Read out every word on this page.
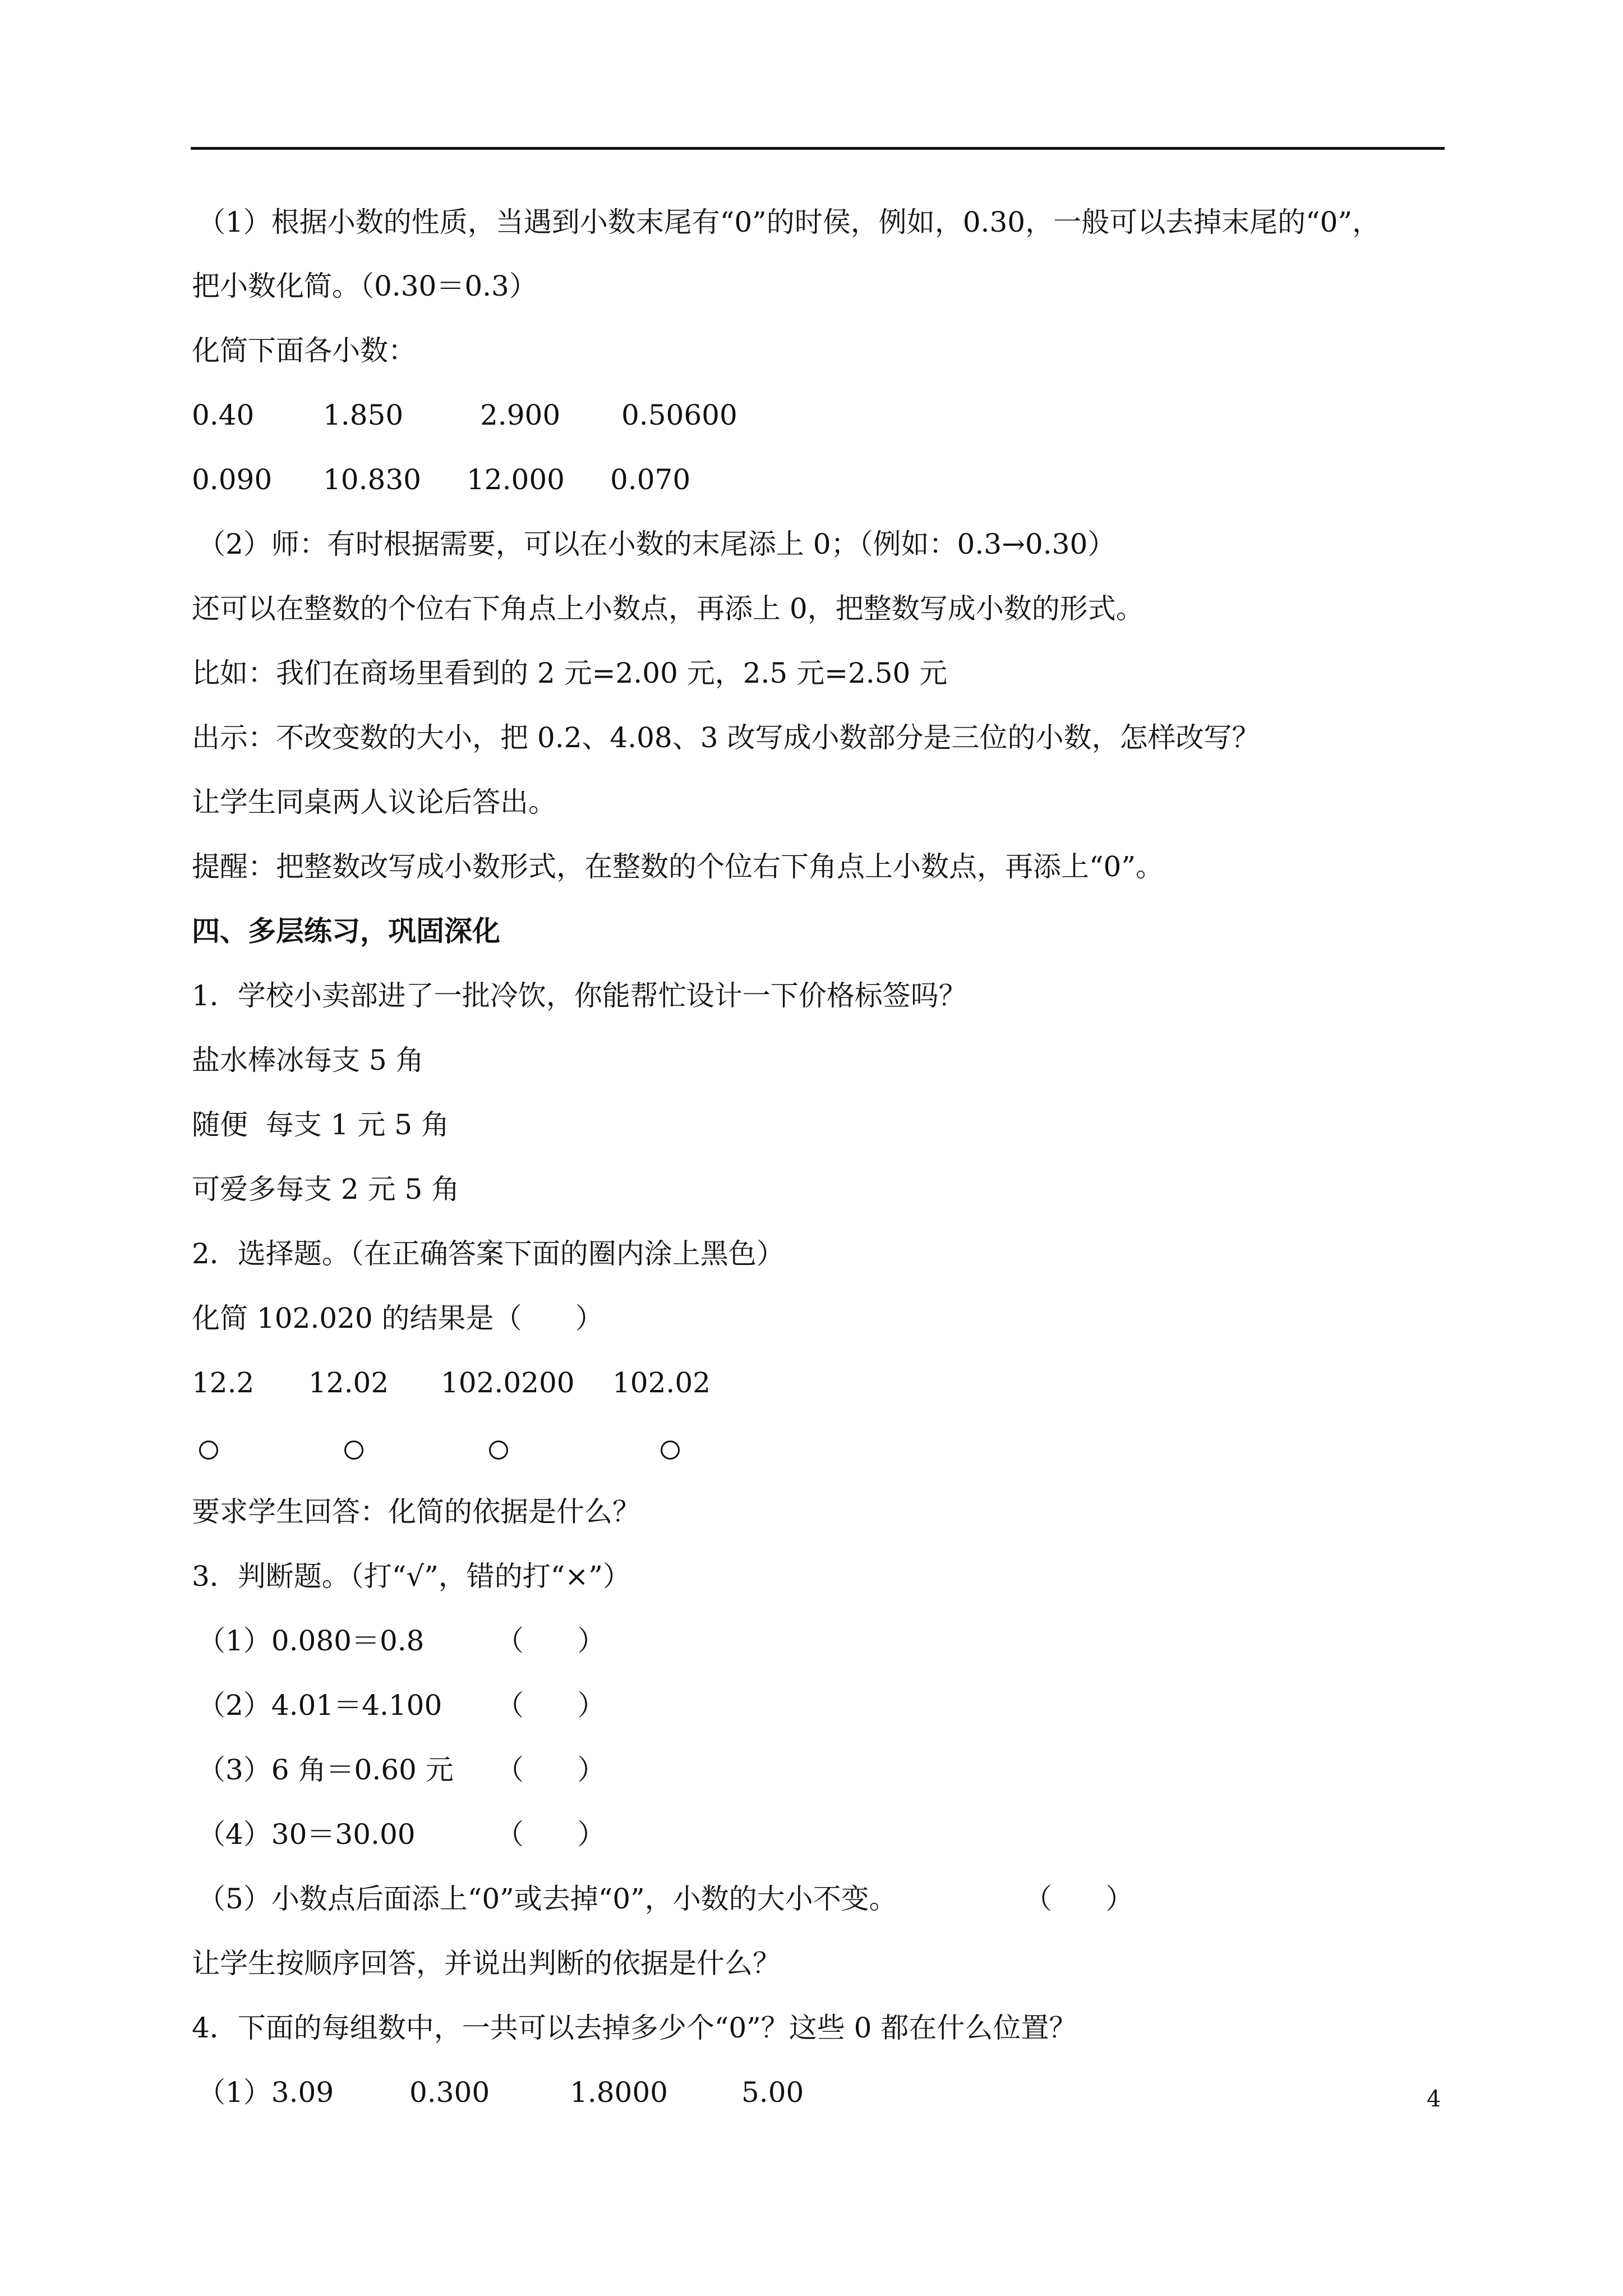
（1）根据小数的性质，当遇到小数末尾有“0”的时侯，例如，0.30，一般可以去掉末尾的“0”，
把小数化简。（0.30＝0.3）
化简下面各小数：
0.40 1.850	2.900 0.50600
0.090 10.830 12.000 0.070
（2）师：有时根据需要，可以在小数的末尾添上 0；（例如：0.3→0.30）
还可以在整数的个位右下角点上小数点，再添上 0，把整数写成小数的形式。
比如：我们在商场里看到的 2 元=2.00 元，2.5 元=2.50 元
出示：不改变数的大小，把 0.2、4.08、3 改写成小数部分是三位的小数，怎样改写？
让学生同桌两人议论后答出。
提醒：把整数改写成小数形式，在整数的个位右下角点上小数点，再添上“0”。
四、多层练习，巩固深化
1．学校小卖部进了一批冷饮，你能帮忙设计一下价格标签吗？
盐水棒冰每支 5 角
随便  每支 1 元 5 角
可爱多每支 2 元 5 角
2．选择题。（在正确答案下面的圈内涂上黑色）
化简 102.020 的结果是（      ）
12.2 12.02 102.0200 102.02
要求学生回答：化简的依据是什么？
3．判断题。（打“√”，错的打“×”）
（1）0.080＝0.8	（      ）
（2）4.01＝4.100 （      ）
（3）6 角＝0.60 元 （      ）
（4）30＝30.00	（      ）
（5）小数点后面添上“0”或去掉“0”，小数的大小不变。	（      ）
让学生按顺序回答，并说出判断的依据是什么？
4．下面的每组数中，一共可以去掉多少个“0”？这些 0 都在什么位置？
（1）3.09	0.300	1.8000	5.00	4
